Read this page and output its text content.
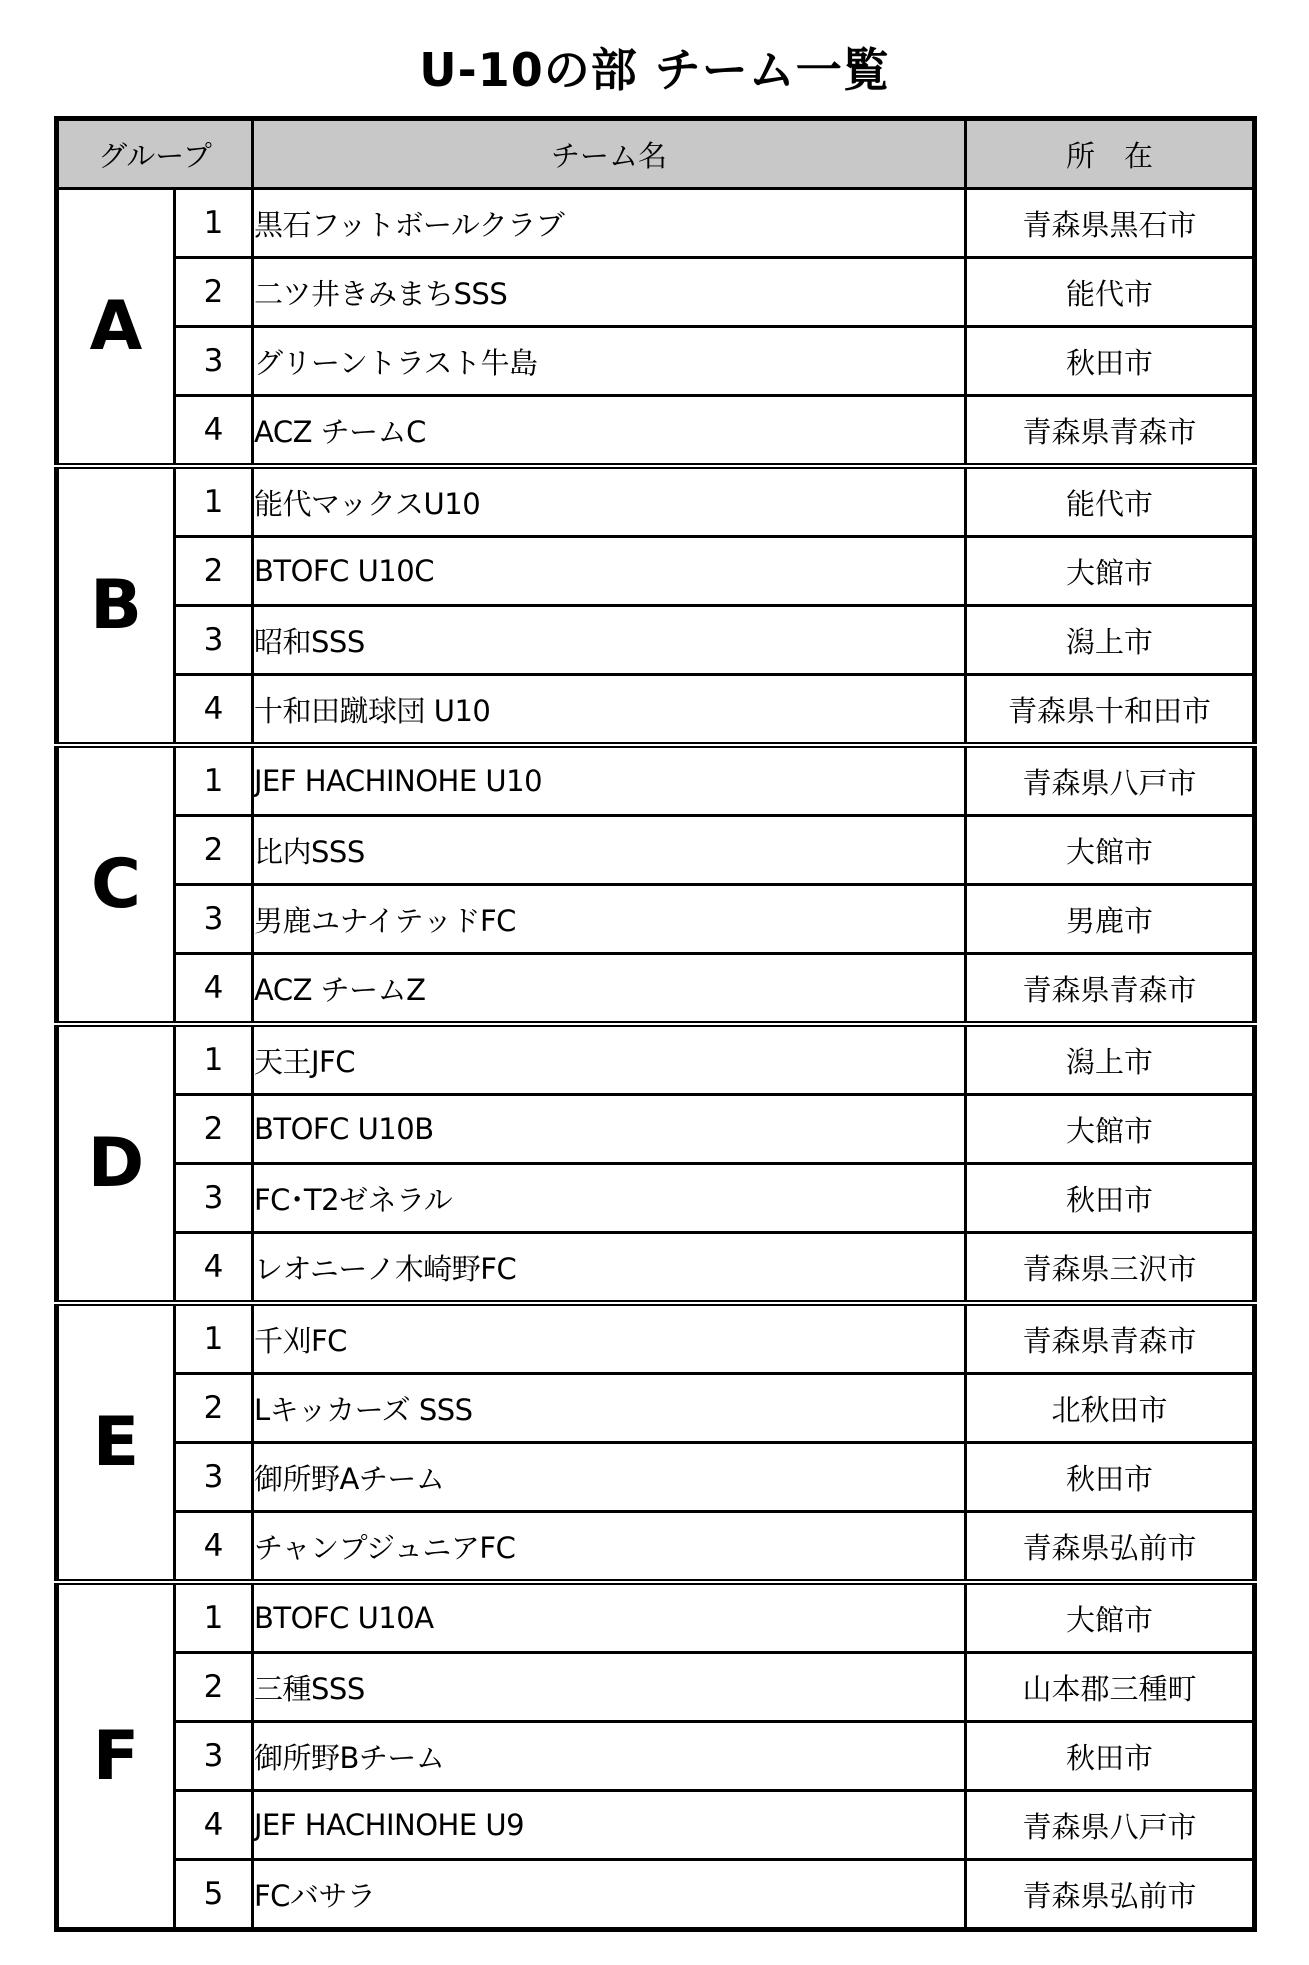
U-10の部 チーム一覧
グループ		チーム名	所　在
A	1	黒石フットボールクラブ	青森県黒石市
	2	二ツ井きみまちSSS	能代市
	3	グリーントラスト牛島	秋田市
	4	ACZ チームC	青森県青森市
B	1	能代マックスU10	能代市
	2	BTOFC U10C	大館市
	3	昭和SSS	潟上市
	4	十和田蹴球団 U10	青森県十和田市
C	1	JEF HACHINOHE U10	青森県八戸市
	2	比内SSS	大館市
	3	男鹿ユナイテッドFC	男鹿市
	4	ACZ チームZ	青森県青森市
D	1	天王JFC	潟上市
	2	BTOFC U10B	大館市
	3	FC･T2ゼネラル	秋田市
	4	レオニーノ木崎野FC	青森県三沢市
E	1	千刈FC	青森県青森市
	2	Lキッカーズ SSS	北秋田市
	3	御所野Aチーム	秋田市
	4	チャンプジュニアFC	青森県弘前市
F	1	BTOFC U10A	大館市
	2	三種SSS	山本郡三種町
	3	御所野Bチーム	秋田市
	4	JEF HACHINOHE U9	青森県八戸市
	5	FCバサラ	青森県弘前市
